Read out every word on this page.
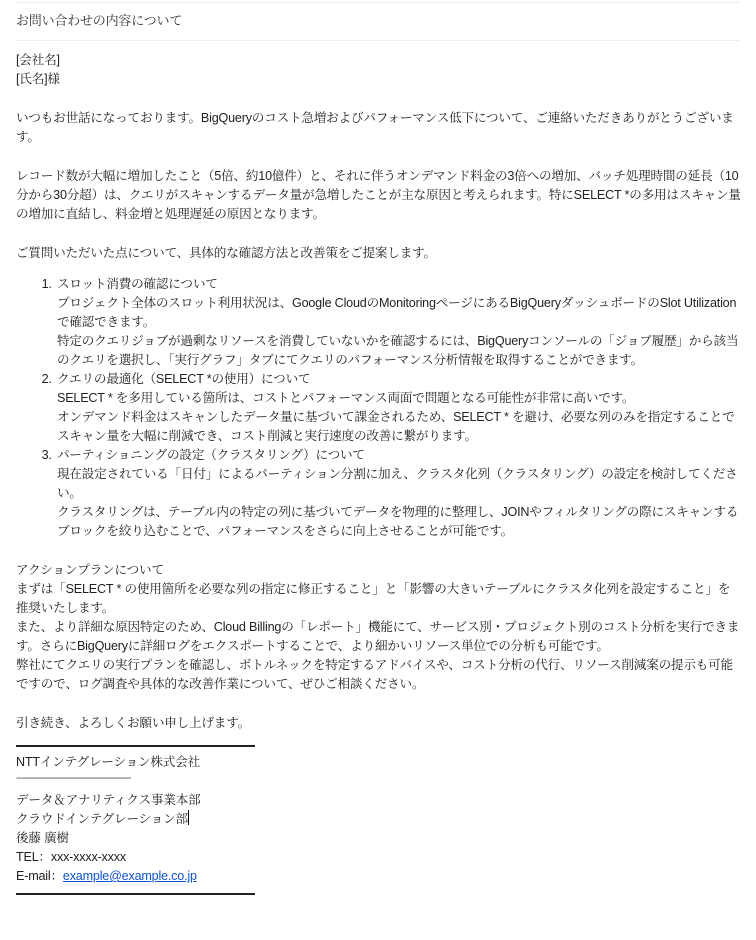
お問い合わせの内容について

[会社名]

[氏名]様

いつもお世話になっております。BigQueryのコスト急増およびパフォーマンス低下について、ご連絡いただきありがとうございます。

レコード数が大幅に増加したこと（5倍、約10億件）と、それに伴うオンデマンド料金の3倍への増加、バッチ処理時間の延長（10分から30分超）は、クエリがスキャンするデータ量が急増したことが主な原因と考えられます。特にSELECT *の多用はスキャン量の増加に直結し、料金増と処理遅延の原因となります。

ご質問いただいた点について、具体的な確認方法と改善策をご提案します。

1. スロット消費の確認について
プロジェクト全体のスロット利用状況は、Google CloudのMonitoringページにあるBigQueryダッシュボードのSlot Utilizationで確認できます。
特定のクエリジョブが過剰なリソースを消費していないかを確認するには、BigQueryコンソールの「ジョブ履歴」から該当のクエリを選択し、「実行グラフ」タブにてクエリのパフォーマンス分析情報を取得することができます。
2. クエリの最適化（SELECT *の使用）について
SELECT * を多用している箇所は、コストとパフォーマンス両面で問題となる可能性が非常に高いです。
オンデマンド料金はスキャンしたデータ量に基づいて課金されるため、SELECT * を避け、必要な列のみを指定することでスキャン量を大幅に削減でき、コスト削減と実行速度の改善に繋がります。
3. パーティショニングの設定（クラスタリング）について
現在設定されている「日付」によるパーティション分割に加え、クラスタ化列（クラスタリング）の設定を検討してください。
クラスタリングは、テーブル内の特定の列に基づいてデータを物理的に整理し、JOINやフィルタリングの際にスキャンするブロックを絞り込むことで、パフォーマンスをさらに向上させることが可能です。

アクションプランについて

まずは「SELECT * の使用箇所を必要な列の指定に修正すること」と「影響の大きいテーブルにクラスタ化列を設定すること」を推奨いたします。

また、より詳細な原因特定のため、Cloud Billingの「レポート」機能にて、サービス別・プロジェクト別のコスト分析を実行できます。さらにBigQueryに詳細ログをエクスポートすることで、より細かいリソース単位での分析も可能です。

弊社にてクエリの実行プランを確認し、ボトルネックを特定するアドバイスや、コスト分析の代行、リソース削減案の提示も可能ですので、ログ調査や具体的な改善作業について、ぜひご相談ください。

引き続き、よろしくお願い申し上げます。

NTTインテグレーション株式会社

-------------------------------------------

データ＆アナリティクス事業本部

クラウドインテグレーション部

後藤 廣樹

TEL：xxx-xxxx-xxxx

E-mail：example@example.co.jp
